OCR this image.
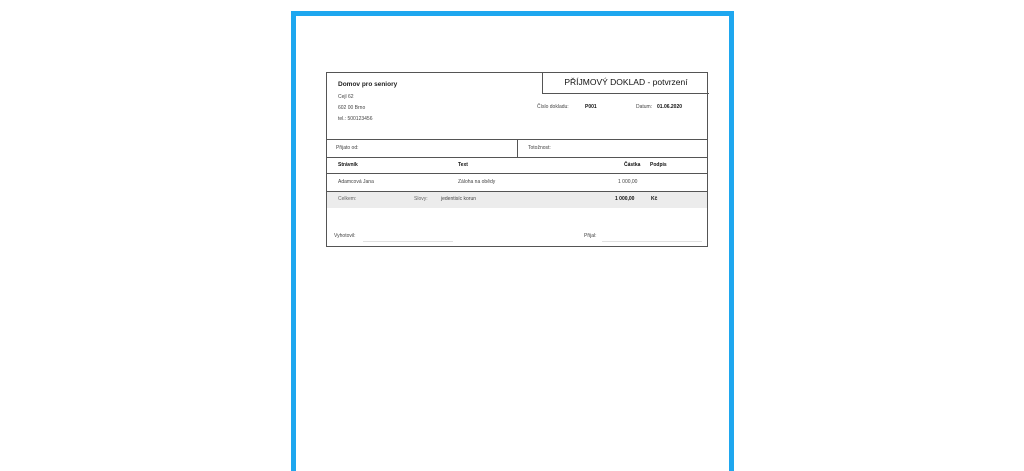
Domov pro seniory
Cejl 62
602 00 Brno
tel.: 500123456
PŘÍJMOVÝ DOKLAD - potvrzení
Číslo dokladu:	P001	Datum: 01.06.2020
Přijato od:	Totožnost:
Strávník	Text	Částka Podpis
Adamcová Jana	Záloha na obědy	1 000,00
Celkem:	Slovy:	jedentisíc korun	1 000,00	Kč
Vyhotovil:	Přijal:
